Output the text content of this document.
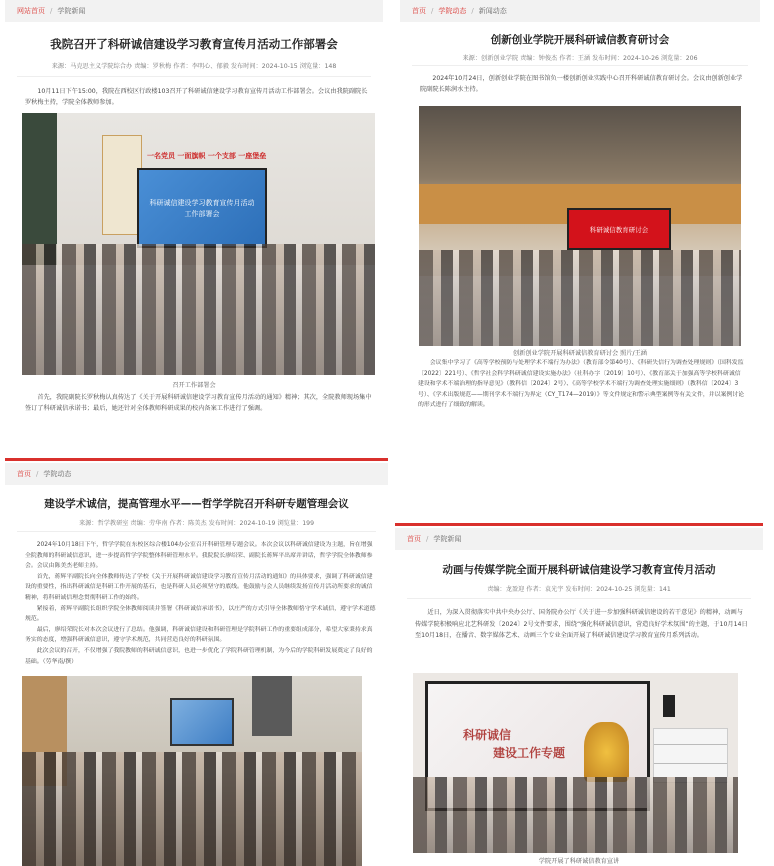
网站首页 / 学院新闻
我院召开了科研诚信建设学习教育宣传月活动工作部署会
来源：马克思主义学院综合办 责编：罗秋梅 作者：李明心、郁毅 发布时间：2024-10-15 浏览量：148
10月11日下午15:00，我院在西校区行政楼103召开了科研诚信建设学习教育宣传月活动工作部署会。会议由我院副院长罗秋梅主持，学院全体教师参加。
一名党员 一面旗帜 一个支部 一座堡垒
科研诚信建设学习教育宣传月活动工作部署会
召开工作部署会
首先，我院副院长罗秋梅认真传达了《关于开展科研诚信建设学习教育宣传月活动的通知》精神；其次，全院教师现场集中签订了科研诚信承诺书；最后，她还针对全体教师科研成果的校内备案工作进行了强调。
首页 / 学院动态 / 新闻动态
创新创业学院开展科研诚信教育研讨会
来源：创新创业学院 责编：钟俊杰 作者：王涵 发布时间：2024-10-26 浏览量：206
2024年10月24日，创新创业学院在图书馆负一楼创新创业实践中心召开科研诚信教育研讨会。会议由创新创业学院副院长陈润水主持。
科研诚信教育研讨会
创新创业学院开展科研诚信教育研讨会 照片/王涵
会议集中学习了《高等学校预防与处理学术不端行为办法》（教育部令第40号）、《科研失信行为调查处理规则》（国科发监〔2022〕221号）、《哲学社会科学科研诚信建设实施办法》（社科办字〔2019〕10号）、《教育部关于加强高等学校科研诚信建设和学术不端治理的指导意见》（教科信〔2024〕2号）、《高等学校学术不端行为调查处理实施细则》（教科信〔2024〕3号）、《学术出版规范——期刊学术不端行为界定（CY_T174—2019）》等文件规定和警示典型案例等有关文件，并以案例讨论的形式进行了细致的解读。
首页 / 学院动态
建设学术诚信，提高管理水平——哲学学院召开科研专题管理会议
来源：哲学教研室 责编：劳华南 作者：陈美杰 发布时间：2024-10-19 浏览量：199

2024年10月18日下午，哲学学院在东校区综合楼104办公室召开科研管理专题会议。本次会议以科研诚信建设为主题，旨在增强全院教师的科研诚信意识，进一步提高哲学学院整体科研管理水平。我院院长廖绍荣、副院长蒋辉平出席并讲话，哲学学院全体教师参会。会议由陈美杰老师主持。

首先，蒋辉平副院长向全体教师传达了学校《关于开展科研诚信建设学习教育宣传月活动的通知》的具体要求，强调了科研诚信建设的重要性，指出科研诚信是科研工作开展的基石，也是科研人员必须坚守的底线。他鼓励与会人员继续发扬宣传月活动所要求的诚信精神，将科研诚信理念贯彻科研工作的始终。

紧接着，蒋辉平副院长组织学院全体教师阅读并签署《科研诚信承诺书》，以庄严的方式引导全体教师恪守学术诚信，遵守学术道德规范。

最后，廖绍荣院长对本次会议进行了总结。他强调，科研诚信建设和科研管理是学院科研工作的重要组成部分，希望大家秉持求真务实的态度，增强科研诚信意识，遵守学术规范，共同营造良好的科研氛围。

此次会议的召开，不仅增强了我院教师的科研诚信意识，也进一步优化了学院科研管理机制，为今后的学院科研发展奠定了良好的基础。（劳华南/撰）

首页 / 学院新闻
动画与传媒学院全面开展科研诚信建设学习教育宣传月活动
责编：龙盈迎 作者：袁光宇 发布时间：2024-10-25 浏览量：141
近日，为深入贯彻落实中共中央办公厅、国务院办公厅《关于进一步加强科研诚信建设的若干意见》的精神，动画与传媒学院积极响应北艺科研发〔2024〕2号文件要求，围绕“强化科研诚信意识，营造良好学术氛围”的主题，于10月14日至10月18日，在播音、数字媒体艺术、动画三个专业全面开展了科研诚信建设学习教育宣传月系列活动。
科研诚信
建设工作专题
学院开展了科研诚信教育宣讲
